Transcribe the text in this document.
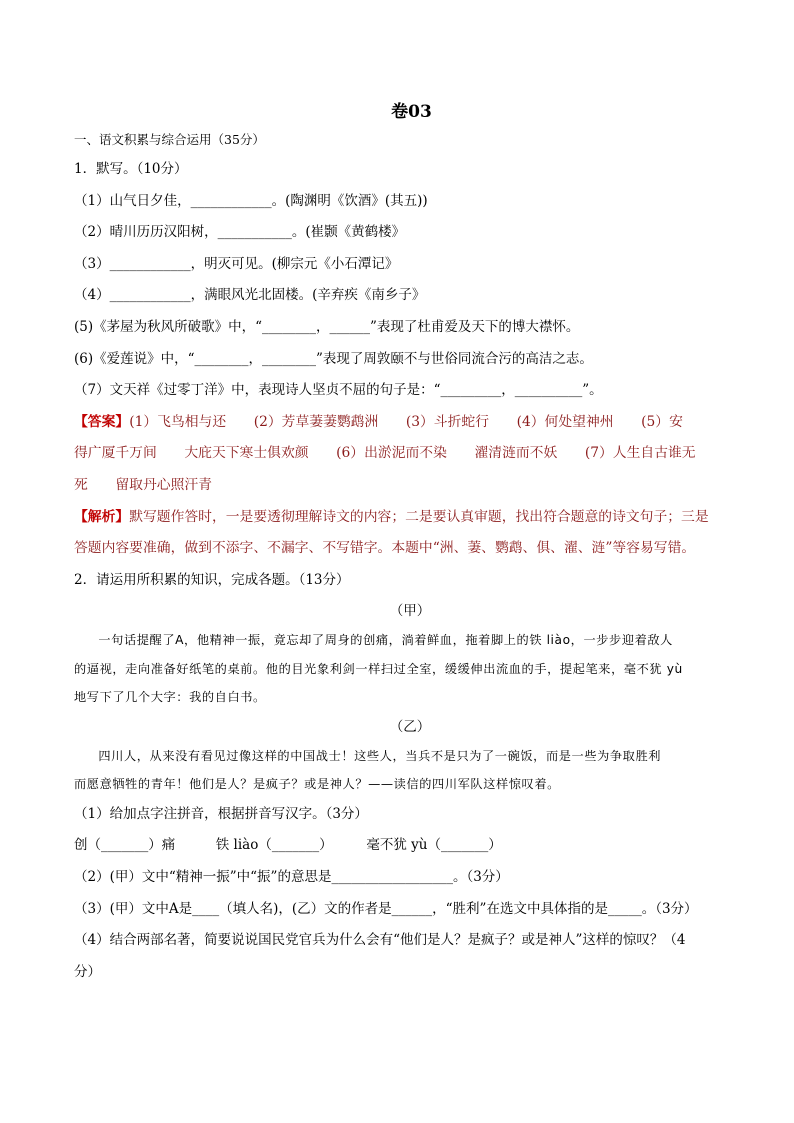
卷03
一、语文积累与综合运用（35分）
1．默写。（10分）
（1）山气日夕佳，____________。(陶渊明《饮酒》(其五))
（2）晴川历历汉阳树，___________。(崔颢《黄鹤楼》
（3）____________，明灭可见。(柳宗元《小石潭记》
（4）____________，满眼风光北固楼。(辛弃疾《南乡子》
(5)《茅屋为秋风所破歌》中，“________，______”表现了杜甫爱及天下的博大襟怀。
(6)《爱莲说》中，“________，________”表现了周敦颐不与世俗同流合污的高洁之志。
（7）文天祥《过零丁洋》中，表现诗人坚贞不屈的句子是：“_________，__________”。
【答案】(1）飞鸟相与还　　(2）芳草萋萋鹦鹉洲　　(3）斗折蛇行　　(4）何处望神州　　(5）安
得广厦千万间　　大庇天下寒士俱欢颜　　(6）出淤泥而不染　　濯清涟而不妖　　(7）人生自古谁无
死　　留取丹心照汗青
【解析】默写题作答时，一是要透彻理解诗文的内容；二是要认真审题，找出符合题意的诗文句子；三是
答题内容要准确，做到不添字、不漏字、不写错字。本题中“洲、萋、鹦鹉、俱、濯、涟”等容易写错。
2．请运用所积累的知识，完成各题。（13分）
（甲）
一句话提醒了A，他精神一振，竟忘却了周身的创痛，淌着鲜血，拖着脚上的铁 liào，一步步迎着敌人
的逼视，走向准备好纸笔的桌前。他的目光象利剑一样扫过全室，缓缓伸出流血的手，提起笔来，毫不犹 yù
地写下了几个大字：我的自白书。
（乙）
四川人，从来没有看见过像这样的中国战士！这些人，当兵不是只为了一碗饭，而是一些为争取胜利
而愿意牺牲的青年！他们是人？是疯子？或是神人？——读信的四川军队这样惊叹着。
（1）给加点字注拼音，根据拼音写汉字。（3分）
创（_______）痛　　　铁 liào（_______）　　　毫不犹 yù（_______）
（2）(甲）文中“精神一振”中“振”的意思是__________________。（3分）
（3）(甲）文中A是____（填人名)，(乙）文的作者是______，“胜利”在选文中具体指的是_____。（3分）
（4）结合两部名著，简要说说国民党官兵为什么会有“他们是人？是疯子？或是神人”这样的惊叹？（4
分）
